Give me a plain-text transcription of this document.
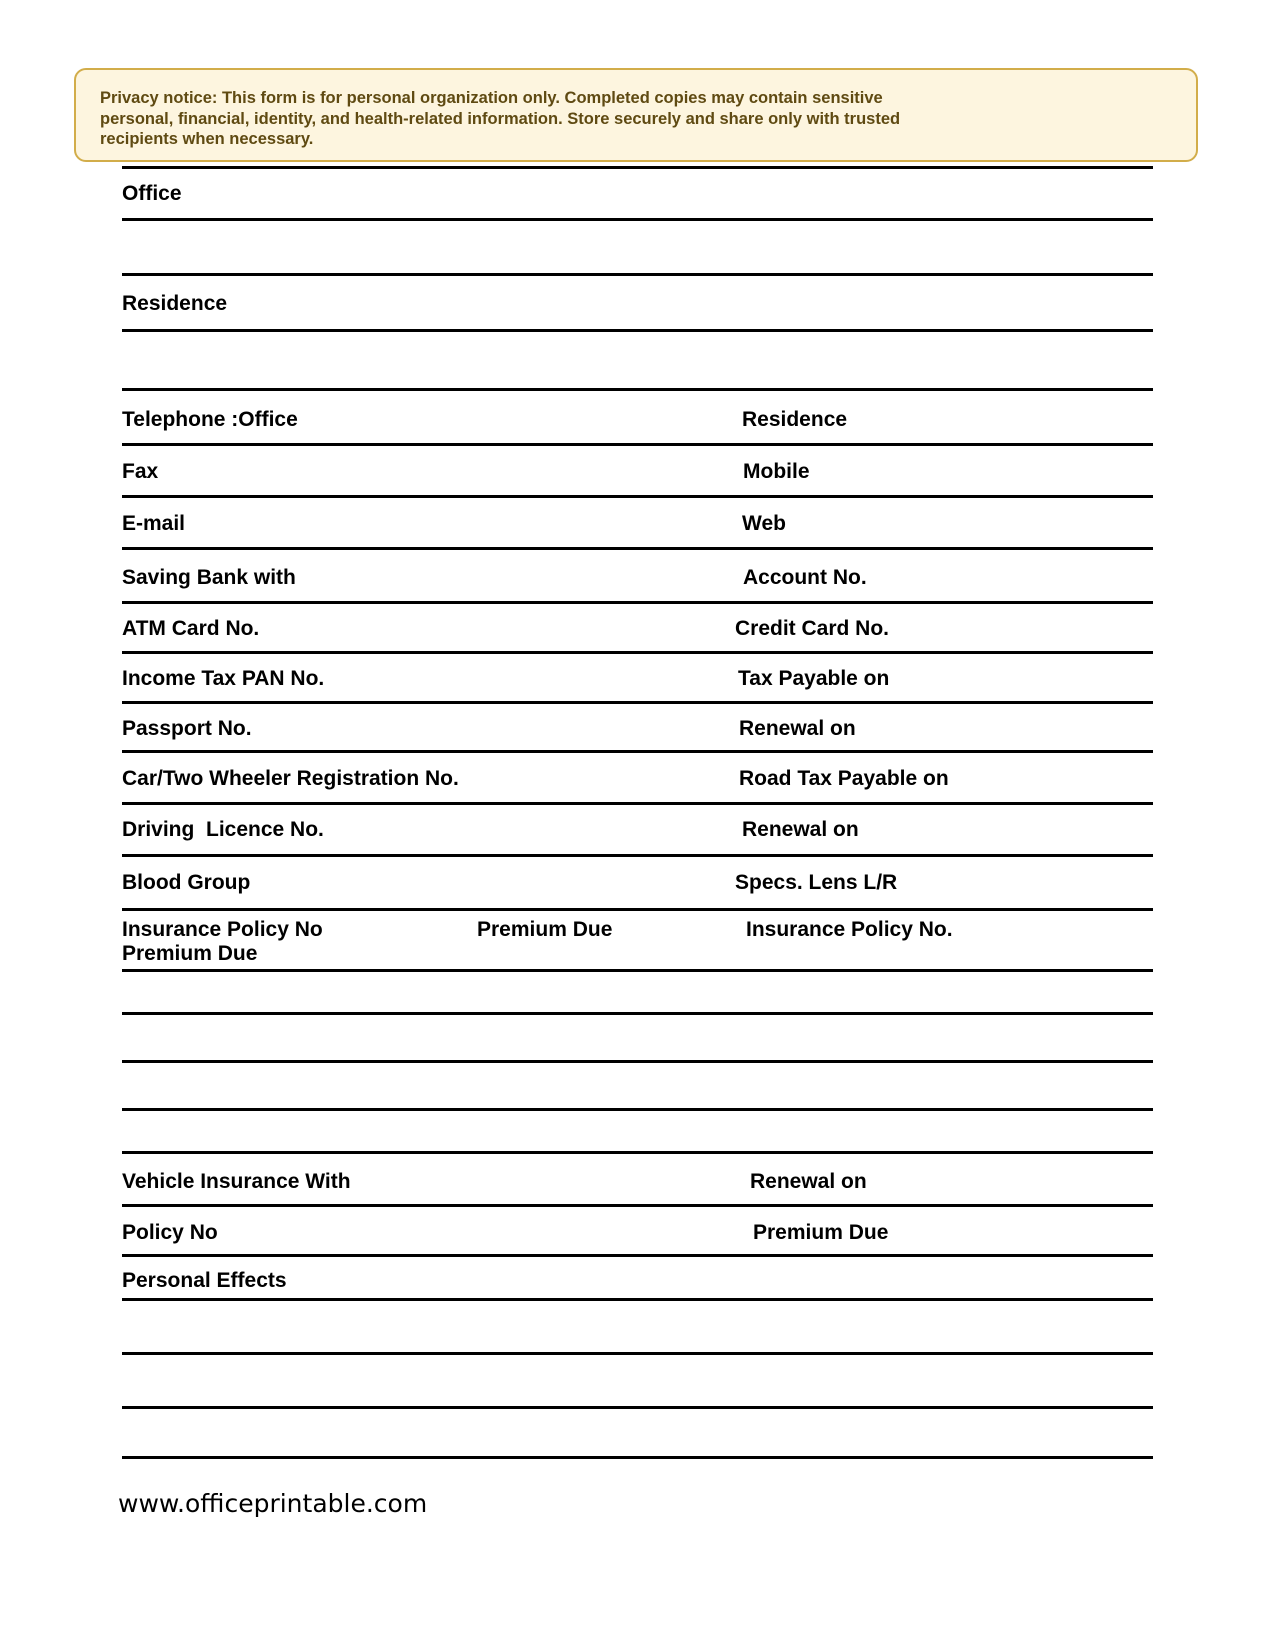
Privacy notice: This form is for personal organization only. Completed copies may contain sensitive personal, financial, identity, and health-related information. Store securely and share only with trusted recipients when necessary.
Office
Residence
Telephone :Office	Residence
Fax	Mobile
E-mail	Web
Saving Bank with	Account No.
ATM Card No.	Credit Card No.
Income Tax PAN No.	Tax Payable on
Passport No.	Renewal on
Car/Two Wheeler Registration No.	Road Tax Payable on
Driving  Licence No.	Renewal on
Blood Group	Specs. Lens L/R
Insurance Policy No	Premium Due	Insurance Policy No.
Premium Due
Vehicle Insurance With	Renewal on
Policy No	Premium Due
Personal Effects
www.officeprintable.com
